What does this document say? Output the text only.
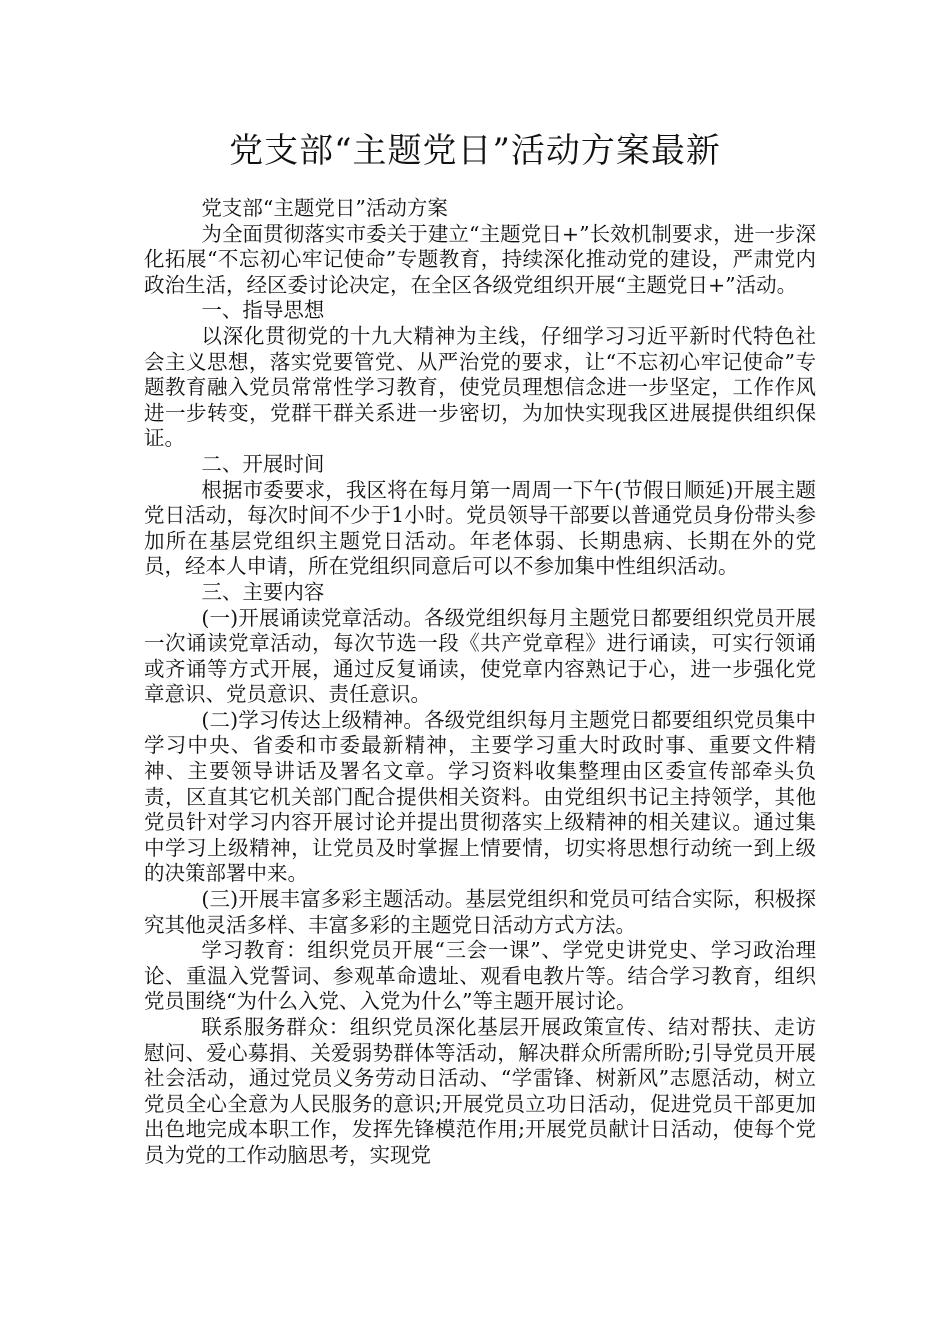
党支部“主题党日”活动方案最新

党支部“主题党日”活动方案

为全面贯彻落实市委关于建立“主题党日+”长效机制要求，进一步深化拓展“不忘初心牢记使命”专题教育，持续深化推动党的建设，严肃党内政治生活，经区委讨论决定，在全区各级党组织开展“主题党日+”活动。

一、指导思想

以深化贯彻党的十九大精神为主线，仔细学习习近平新时代特色社会主义思想，落实党要管党、从严治党的要求，让“不忘初心牢记使命”专题教育融入党员常常性学习教育，使党员理想信念进一步坚定，工作作风进一步转变，党群干群关系进一步密切，为加快实现我区进展提供组织保证。

二、开展时间

根据市委要求，我区将在每月第一周周一下午(节假日顺延)开展主题党日活动，每次时间不少于1小时。党员领导干部要以普通党员身份带头参加所在基层党组织主题党日活动。年老体弱、长期患病、长期在外的党员，经本人申请，所在党组织同意后可以不参加集中性组织活动。

三、主要内容

(一)开展诵读党章活动。各级党组织每月主题党日都要组织党员开展一次诵读党章活动，每次节选一段《共产党章程》进行诵读，可实行领诵或齐诵等方式开展，通过反复诵读，使党章内容熟记于心，进一步强化党章意识、党员意识、责任意识。

(二)学习传达上级精神。各级党组织每月主题党日都要组织党员集中学习中央、省委和市委最新精神，主要学习重大时政时事、重要文件精神、主要领导讲话及署名文章。学习资料收集整理由区委宣传部牵头负责，区直其它机关部门配合提供相关资料。由党组织书记主持领学，其他党员针对学习内容开展讨论并提出贯彻落实上级精神的相关建议。通过集中学习上级精神，让党员及时掌握上情要情，切实将思想行动统一到上级的决策部署中来。

(三)开展丰富多彩主题活动。基层党组织和党员可结合实际，积极探究其他灵活多样、丰富多彩的主题党日活动方式方法。

学习教育：组织党员开展“三会一课”、学党史讲党史、学习政治理论、重温入党誓词、参观革命遗址、观看电教片等。结合学习教育，组织党员围绕“为什么入党、入党为什么”等主题开展讨论。

联系服务群众：组织党员深化基层开展政策宣传、结对帮扶、走访慰问、爱心募捐、关爱弱势群体等活动，解决群众所需所盼;引导党员开展社会活动，通过党员义务劳动日活动、“学雷锋、树新风”志愿活动，树立党员全心全意为人民服务的意识;开展党员立功日活动，促进党员干部更加出色地完成本职工作，发挥先锋模范作用;开展党员献计日活动，使每个党员为党的工作动脑思考，实现党
